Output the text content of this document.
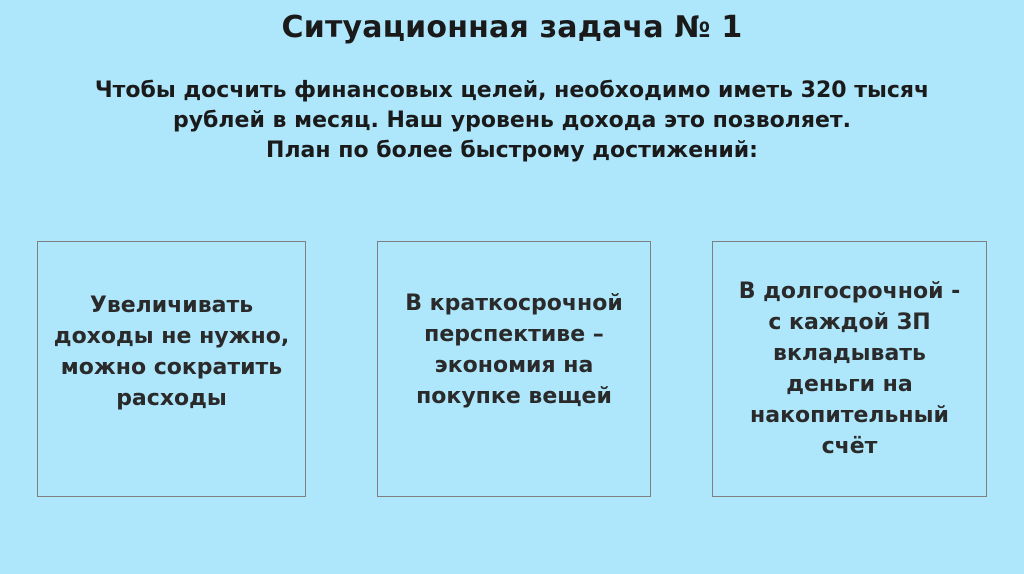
Ситуационная задача № 1
Чтобы досчить финансовых целей, необходимо иметь 320 тысяч
рублей в месяц. Наш уровень дохода это позволяет.
План по более быстрому достижений:
Увеличивать доходы не нужно, можно сократить расходы
В краткосрочной перспективе – экономия на покупке вещей
В долгосрочной - с каждой ЗП вкладывать деньги на накопительный счёт
